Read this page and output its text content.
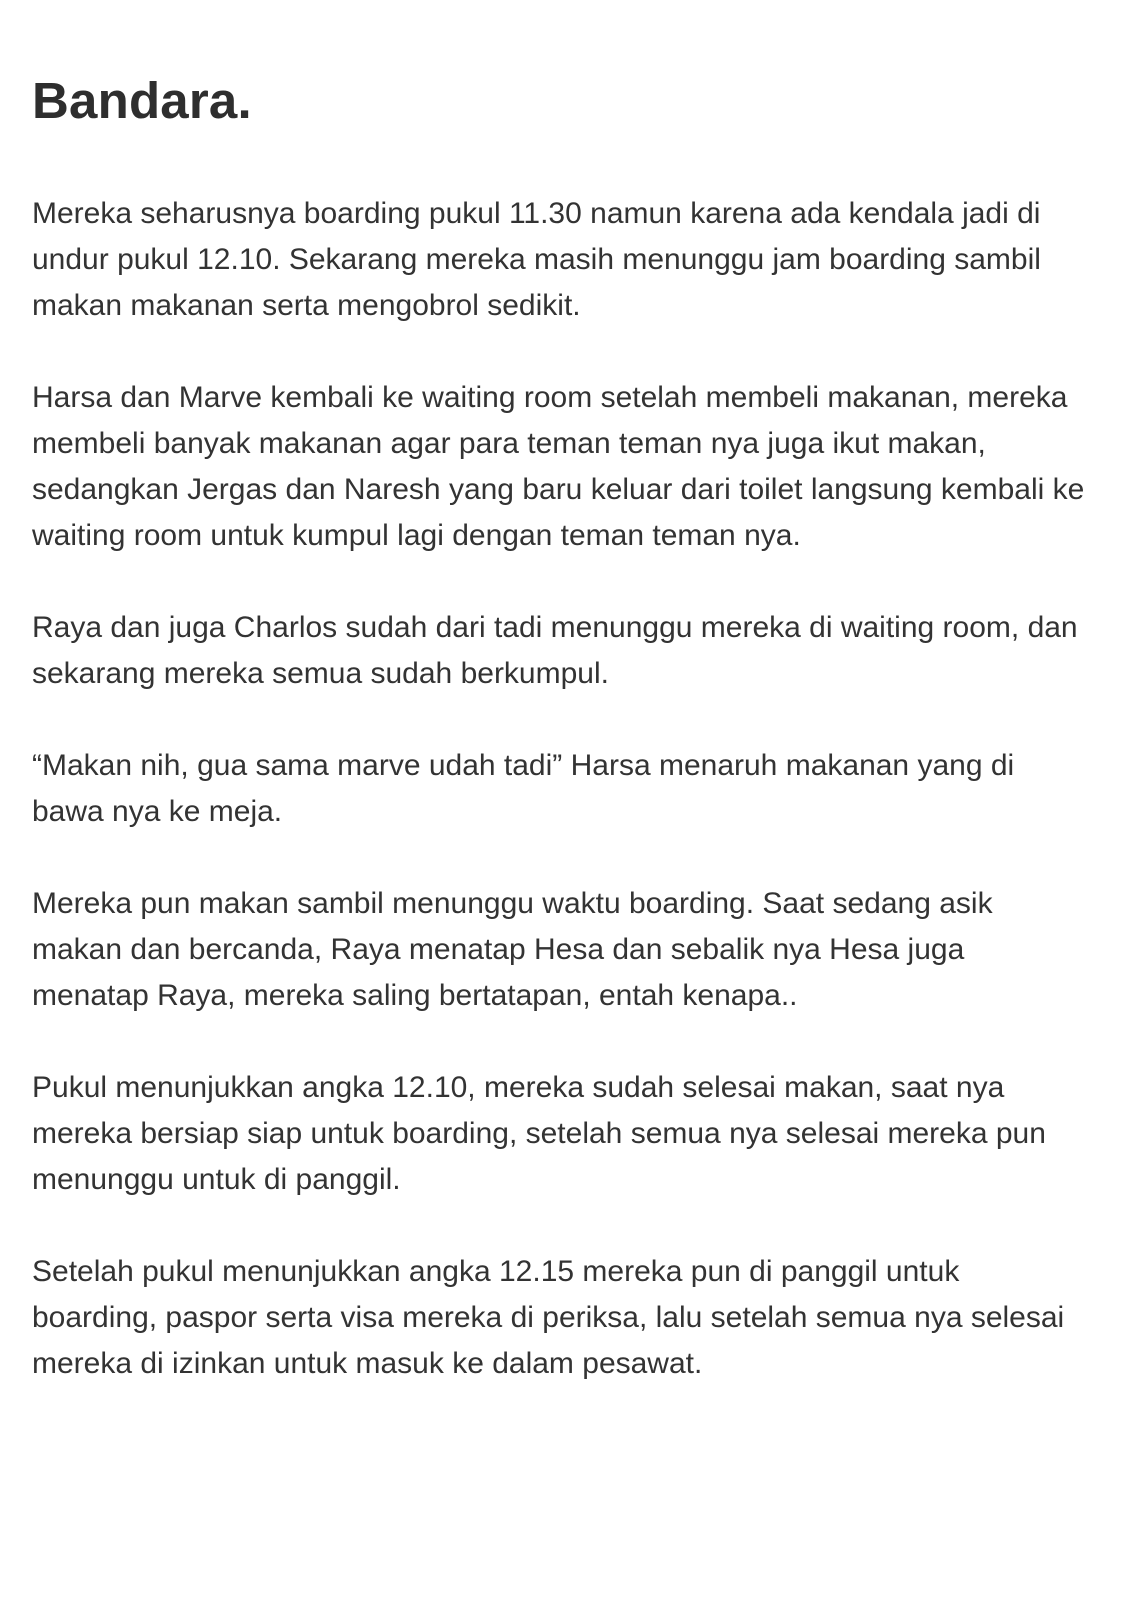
Bandara.

Mereka seharusnya boarding pukul 11.30 namun karena ada kendala jadi di undur pukul 12.10. Sekarang mereka masih menunggu jam boarding sambil makan makanan serta mengobrol sedikit.

Harsa dan Marve kembali ke waiting room setelah membeli makanan, mereka membeli banyak makanan agar para teman teman nya juga ikut makan, sedangkan Jergas dan Naresh yang baru keluar dari toilet langsung kembali ke waiting room untuk kumpul lagi dengan teman teman nya.

Raya dan juga Charlos sudah dari tadi menunggu mereka di waiting room, dan sekarang mereka semua sudah berkumpul.

“Makan nih, gua sama marve udah tadi” Harsa menaruh makanan yang di bawa nya ke meja.

Mereka pun makan sambil menunggu waktu boarding. Saat sedang asik makan dan bercanda, Raya menatap Hesa dan sebalik nya Hesa juga menatap Raya, mereka saling bertatapan, entah kenapa..

Pukul menunjukkan angka 12.10, mereka sudah selesai makan, saat nya mereka bersiap siap untuk boarding, setelah semua nya selesai mereka pun menunggu untuk di panggil.

Setelah pukul menunjukkan angka 12.15 mereka pun di panggil untuk boarding, paspor serta visa mereka di periksa, lalu setelah semua nya selesai mereka di izinkan untuk masuk ke dalam pesawat.
